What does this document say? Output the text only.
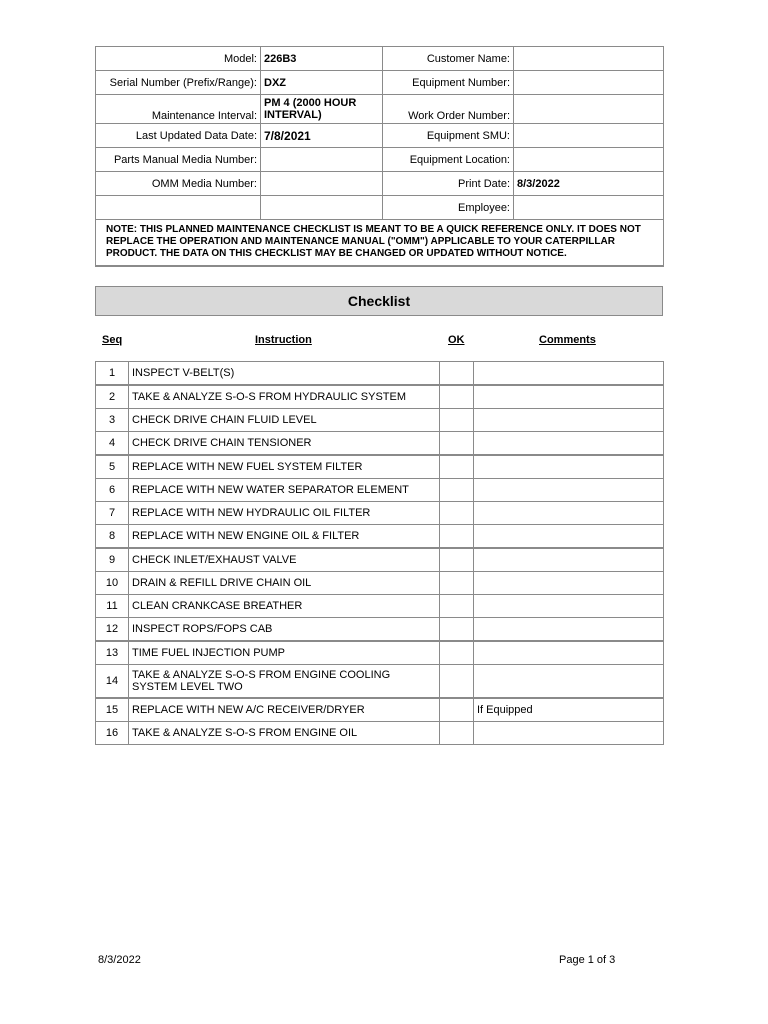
Model:	226B3	Customer Name:	
Serial Number (Prefix/Range):	DXZ	Equipment Number:	
Maintenance Interval:	PM 4 (2000 HOUR INTERVAL)	Work Order Number:	
Last Updated Data Date:	7/8/2021	Equipment SMU:	
Parts Manual Media Number:		Equipment Location:	
OMM Media Number:		Print Date:	8/3/2022
		Employee:	
NOTE: THIS PLANNED MAINTENANCE CHECKLIST IS MEANT TO BE A QUICK REFERENCE ONLY. IT DOES NOT REPLACE THE OPERATION AND MAINTENANCE MANUAL ("OMM") APPLICABLE TO YOUR CATERPILLAR PRODUCT. THE DATA ON THIS CHECKLIST MAY BE CHANGED OR UPDATED WITHOUT NOTICE.			
Checklist
Seq	Instruction	OK	Comments
1	INSPECT V-BELT(S)		
2	TAKE & ANALYZE S-O-S FROM HYDRAULIC SYSTEM		
3	CHECK DRIVE CHAIN FLUID LEVEL		
4	CHECK DRIVE CHAIN TENSIONER		
5	REPLACE WITH NEW FUEL SYSTEM FILTER		
6	REPLACE WITH NEW WATER SEPARATOR ELEMENT		
7	REPLACE WITH NEW HYDRAULIC OIL FILTER		
8	REPLACE WITH NEW ENGINE OIL & FILTER		
9	CHECK INLET/EXHAUST VALVE		
10	DRAIN & REFILL DRIVE CHAIN OIL		
11	CLEAN CRANKCASE BREATHER		
12	INSPECT ROPS/FOPS CAB		
13	TIME FUEL INJECTION PUMP		
14	TAKE & ANALYZE S-O-S FROM ENGINE COOLING SYSTEM LEVEL TWO		
15	REPLACE WITH NEW A/C RECEIVER/DRYER		If Equipped
16	TAKE & ANALYZE S-O-S FROM ENGINE OIL		
8/3/2022	Page 1 of 3
